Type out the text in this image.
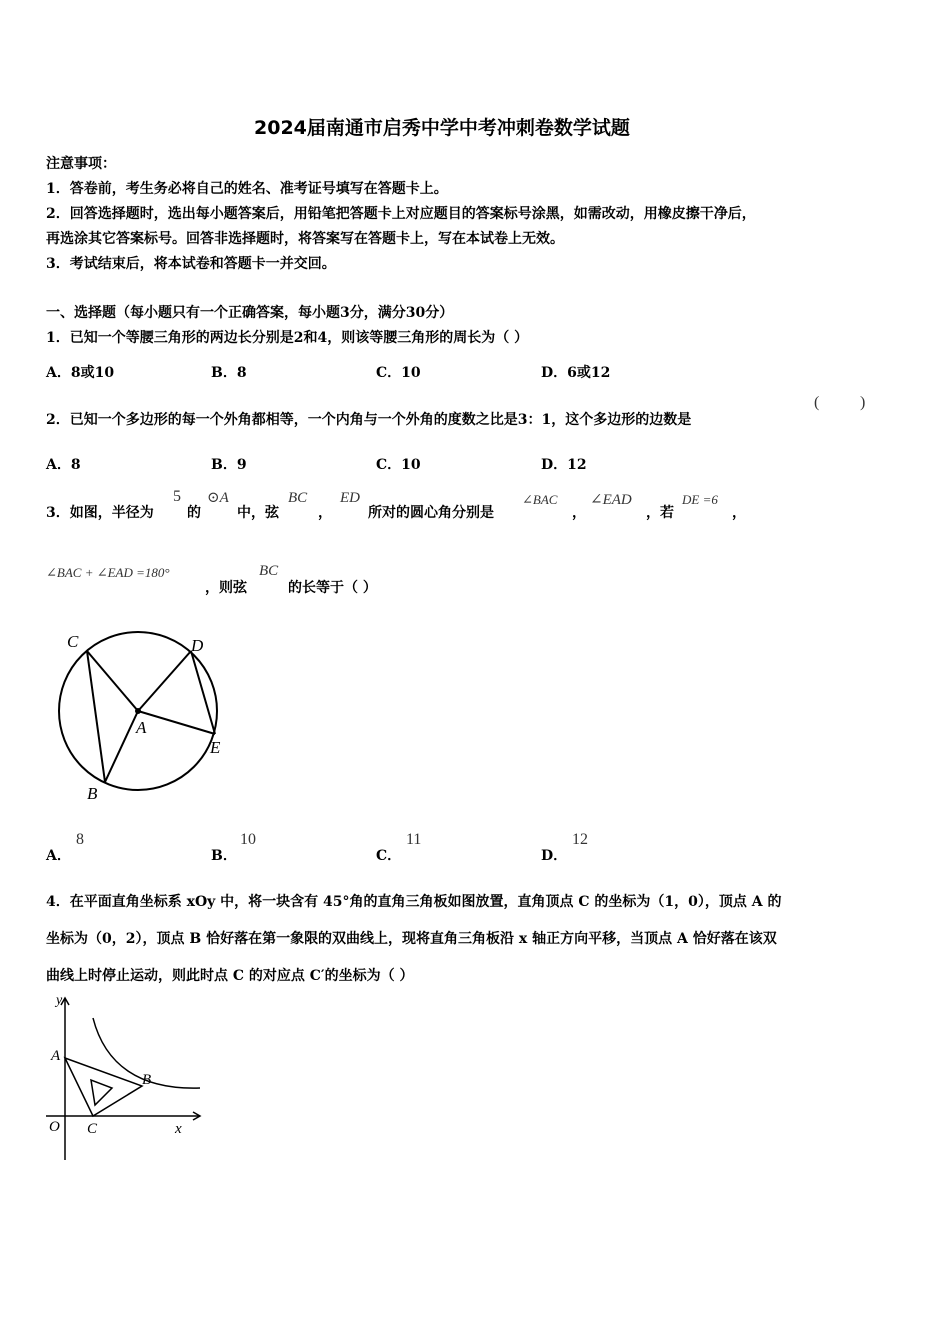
2024届南通市启秀中学中考冲刺卷数学试题
注意事项：
1．答卷前，考生务必将自己的姓名、准考证号填写在答题卡上。
2．回答选择题时，选出每小题答案后，用铅笔把答题卡上对应题目的答案标号涂黑，如需改动，用橡皮擦干净后，
再选涂其它答案标号。回答非选择题时，将答案写在答题卡上，写在本试卷上无效。
3．考试结束后，将本试卷和答题卡一并交回。
一、选择题（每小题只有一个正确答案，每小题3分，满分30分）
1．已知一个等腰三角形的两边长分别是2和4，则该等腰三角形的周长为（ ）
A．8或10	B．8	C．10	D．6或12
2．已知一个多边形的每一个外角都相等，一个内角与一个外角的度数之比是3：1，这个多边形的边数是
(	)
A．8	B．9	C．10	D．12
3．如图，半径为
5
的
⊙A
中，弦
BC
，
ED
所对的圆心角分别是
∠BAC
，
∠EAD
，若
DE =6
，
∠BAC + ∠EAD =180°
，则弦
BC
的长等于（ ）
C	D
A
E
B
A．
8
B．
10
C．
11
D．
12
4．在平面直角坐标系 xOy 中，将一块含有 45°角的直角三角板如图放置，直角顶点 C 的坐标为（1，0），顶点 A 的
坐标为（0，2），顶点 B 恰好落在第一象限的双曲线上，现将直角三角板沿 x 轴正方向平移，当顶点 A 恰好落在该双
曲线上时停止运动，则此时点 C 的对应点 C′的坐标为（ ）
y
A
B
O C	x
